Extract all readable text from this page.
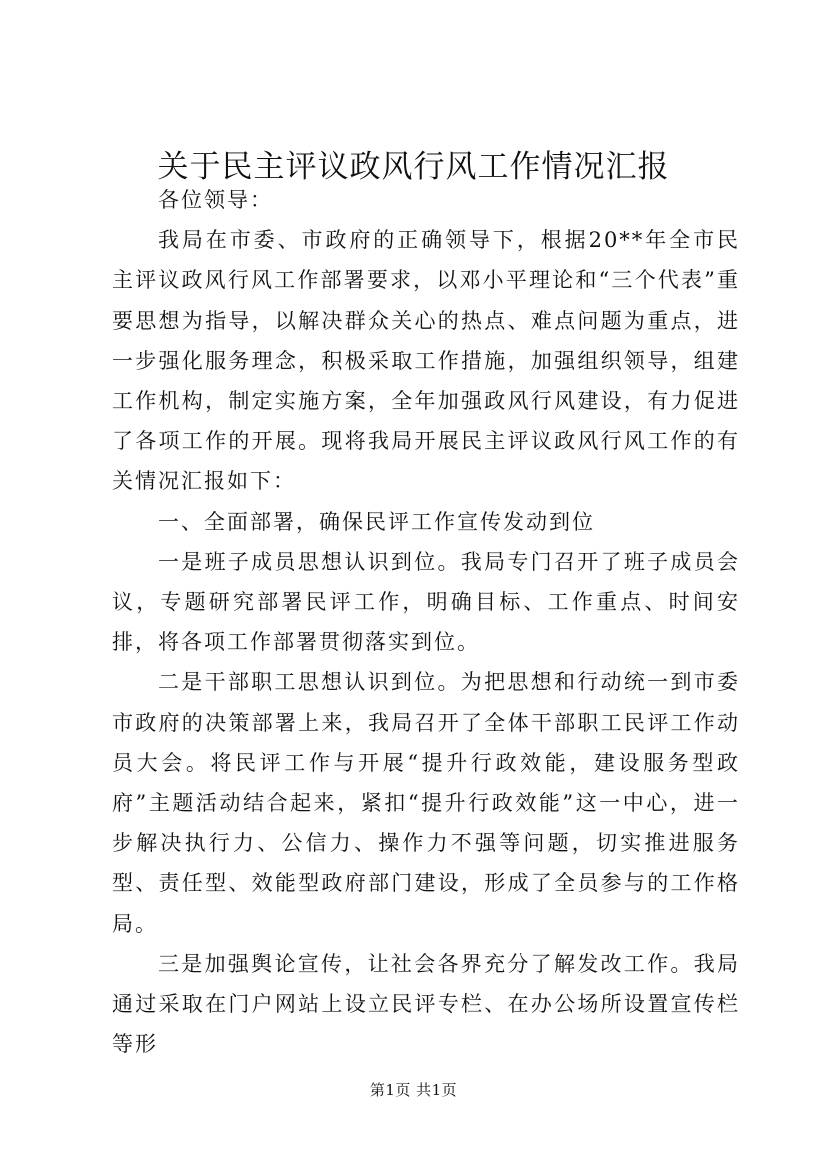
关于民主评议政风行风工作情况汇报

各位领导：

我局在市委、市政府的正确领导下，根据20**年全市民主评议政风行风工作部署要求，以邓小平理论和“三个代表”重要思想为指导，以解决群众关心的热点、难点问题为重点，进一步强化服务理念，积极采取工作措施，加强组织领导，组建工作机构，制定实施方案，全年加强政风行风建设，有力促进了各项工作的开展。现将我局开展民主评议政风行风工作的有关情况汇报如下：

一、全面部署，确保民评工作宣传发动到位

一是班子成员思想认识到位。我局专门召开了班子成员会议，专题研究部署民评工作，明确目标、工作重点、时间安排，将各项工作部署贯彻落实到位。

二是干部职工思想认识到位。为把思想和行动统一到市委市政府的决策部署上来，我局召开了全体干部职工民评工作动员大会。将民评工作与开展“提升行政效能，建设服务型政府”主题活动结合起来，紧扣“提升行政效能”这一中心，进一步解决执行力、公信力、操作力不强等问题，切实推进服务型、责任型、效能型政府部门建设，形成了全员参与的工作格局。

三是加强舆论宣传，让社会各界充分了解发改工作。我局通过采取在门户网站上设立民评专栏、在办公场所设置宣传栏等形

第1页 共1页
